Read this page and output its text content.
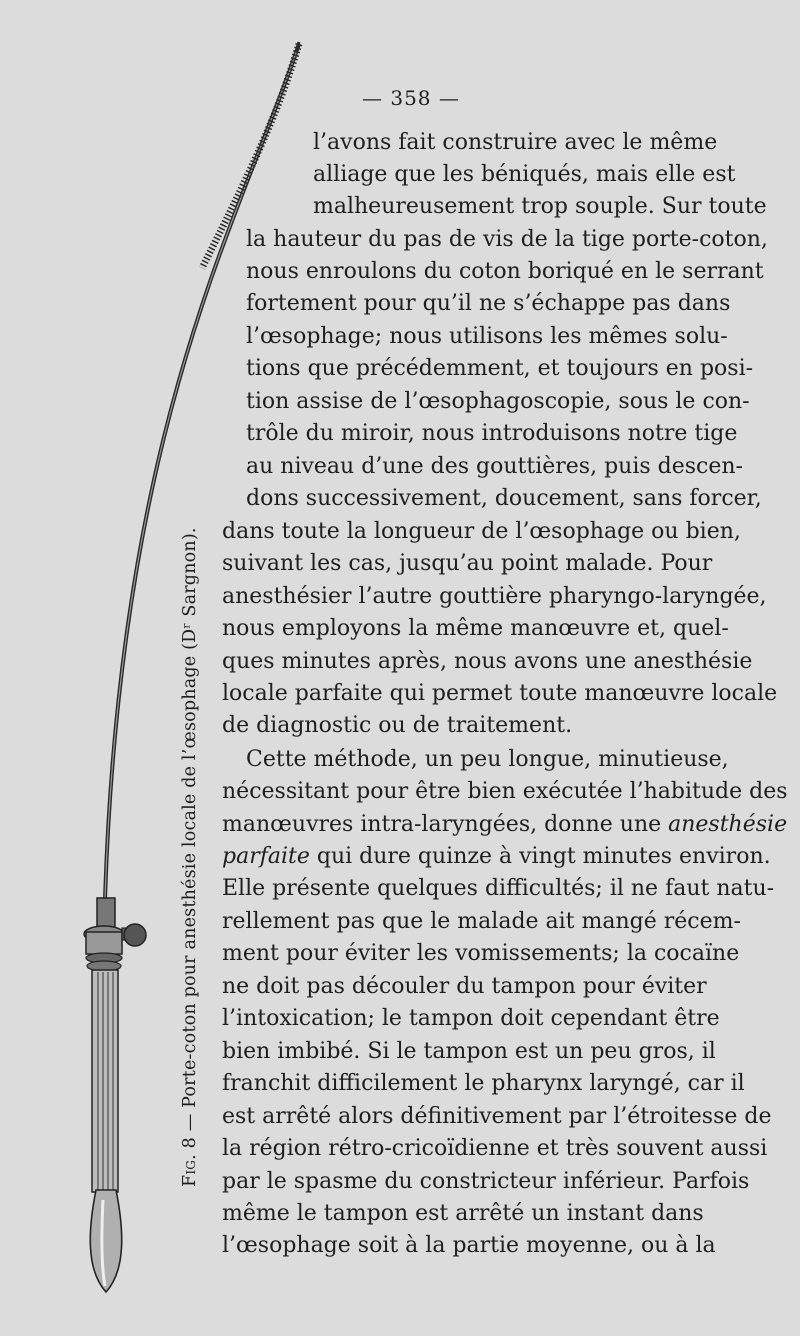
Fig. 8 — Porte-coton pour anesthésie locale de l’œsophage (Dʳ Sargnon).
— 358 —
l’avons fait construire avec le même
alliage que les béniqués, mais elle est
malheureusement trop souple. Sur toute
la hauteur du pas de vis de la tige porte-coton,
nous enroulons du coton boriqué en le serrant
fortement pour qu’il ne s’échappe pas dans
l’œsophage; nous utilisons les mêmes solu-
tions que précédemment, et toujours en posi-
tion assise de l’œsophagoscopie, sous le con-
trôle du miroir, nous introduisons notre tige
au niveau d’une des gouttières, puis descen-
dons successivement, doucement, sans forcer,
dans toute la longueur de l’œsophage ou bien,
suivant les cas, jusqu’au point malade. Pour
anesthésier l’autre gouttière pharyngo-laryngée,
nous employons la même manœuvre et, quel-
ques minutes après, nous avons une anesthésie
locale parfaite qui permet toute manœuvre locale
de diagnostic ou de traitement.
Cette méthode, un peu longue, minutieuse,
nécessitant pour être bien exécutée l’habitude des
manœuvres intra-laryngées, donne une anesthésie
parfaite qui dure quinze à vingt minutes environ.
Elle présente quelques difficultés; il ne faut natu-
rellement pas que le malade ait mangé récem-
ment pour éviter les vomissements; la cocaïne
ne doit pas découler du tampon pour éviter
l’intoxication; le tampon doit cependant être
bien imbibé. Si le tampon est un peu gros, il
franchit difficilement le pharynx laryngé, car il
est arrêté alors définitivement par l’étroitesse de
la région rétro-cricoïdienne et très souvent aussi
par le spasme du constricteur inférieur. Parfois
même le tampon est arrêté un instant dans
l’œsophage soit à la partie moyenne, ou à la
